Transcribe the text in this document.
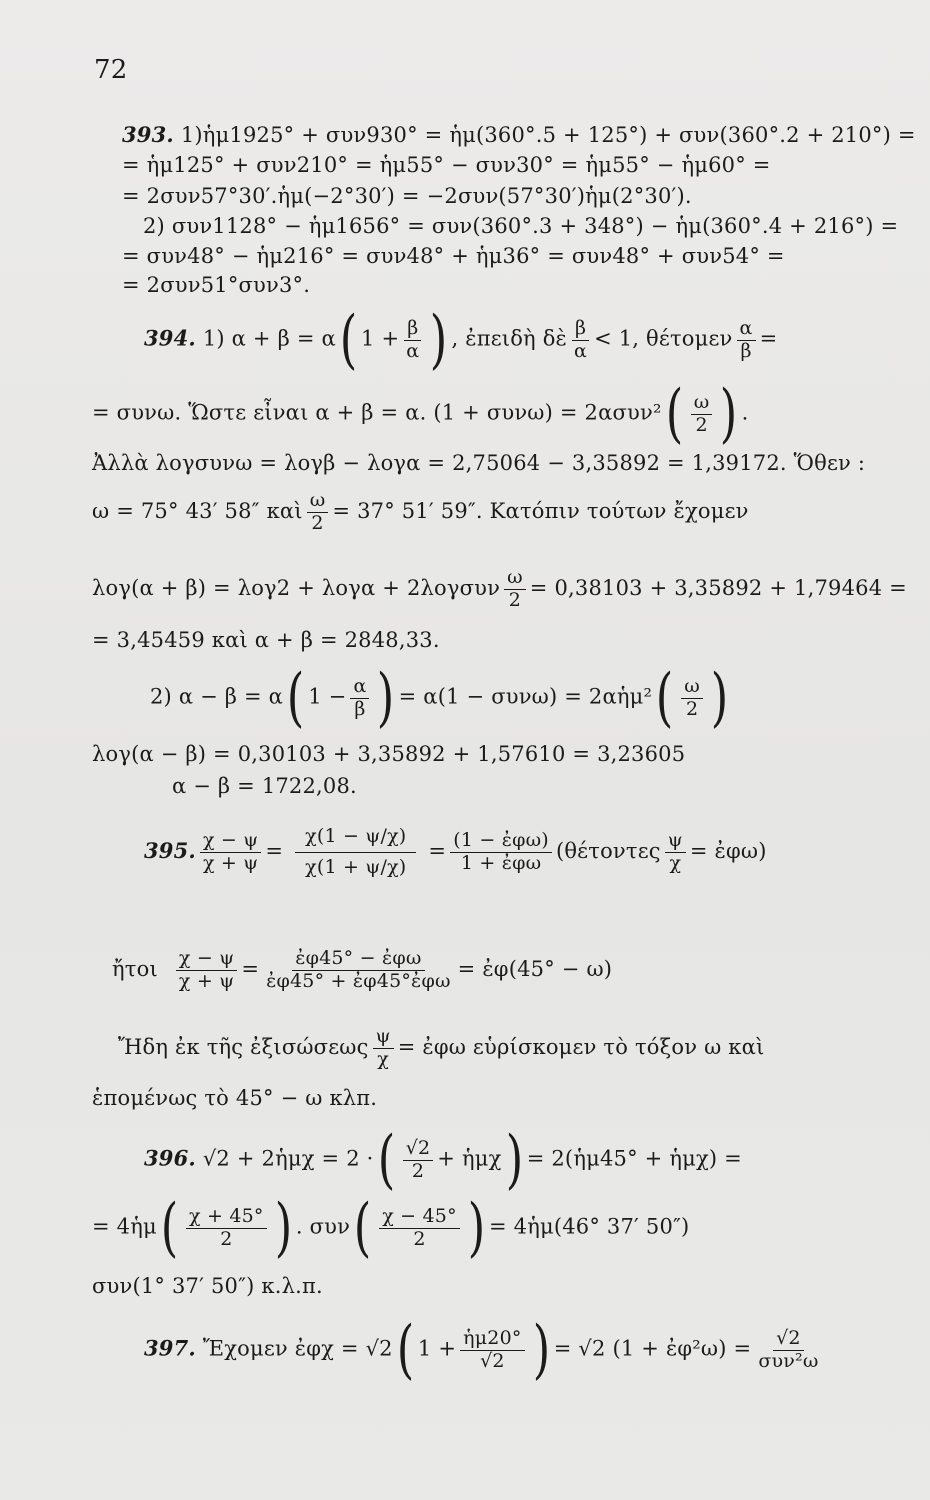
72
393. 1)ἡμ1925° + συν930° = ἡμ(360°.5 + 125°) + συν(360°.2 + 210°) =
= ἡμ125° + συν210° = ἡμ55° − συν30° = ἡμ55° − ἡμ60° =
= 2συν57°30′.ἡμ(−2°30′) = −2συν(57°30′)ἡμ(2°30′).
2) συν1128° − ἡμ1656° = συν(360°.3 + 348°) − ἡμ(360°.4 + 216°) =
= συν48° − ἡμ216° = συν48° + ἡμ36° = συν48° + συν54° =
= 2συν51°συν3°.
394. 1) α + β = α( $1 + \frac{\beta}{\alpha}$ ) , ἐπειδὴ δὲ $\frac{\beta}{\alpha} < 1$, θέτομεν $\frac{\alpha}{\beta}$ =
= συνω. Ὥστε εἶναι α + β = α. $(1 + \sigma\upsilon\nu\omega) = 2\alpha\sigma\upsilon\nu^2( \frac{\omega}{2}$ ) .
Ἀλλὰ λογσυνω = λογβ − λογα = 2,75064 − 3,35892 = 1,39172. Ὅθεν :
ω = 75° 43′ 58″ καὶ $\frac{\omega}{2} = 37^\circ$ 51′ 59″. Κατόπιν τούτων ἔχομεν
$\lambda o\gamma(\alpha + \beta) = \lambda o\gamma 2 + \lambda o\gamma\alpha + 2\lambda o\gamma\sigma\upsilon\nu \frac{\omega}{2} = 0,38103 + 3,35892 + 1,79464$ =
= 3,45459 καὶ α + β = 2848,33.
2) α − β = α( $1 - \frac{\alpha}{\beta}$ ) = α(1 − συνω) = 2αἡμ²( $\frac{\omega}{2}$ )
λογ(α − β) = 0,30103 + 3,35892 + 1,57610 = 3,23605
α − β = 1722,08.
395. $\frac{\chi - \psi}{\chi + \psi} = \frac{\chi(1 - \psi/\chi)}{\chi(1 + \psi/\chi)} = \frac{\text{(1 − ἐφω)}}{\text{1 + ἐφω}} (\theta έ\tau o\nu\tau\varepsilon\varsigma \frac{\psi}{\chi}$ = ἐφω)
ἤτοι $\frac{\chi - \psi}{\chi + \psi} = \frac{\text{ἐφ45° − ἐφω}}{\text{ἐφ45° + ἐφ45°ἐφω}}$ = ἐφ(45° − ω)
Ἤδη ἐκ τῆς ἐξισώσεως $\frac{\psi}{\chi}$ = ἐφω εὑρίσκομεν τὸ τόξον ω καὶ
ἑπομένως τὸ 45° − ω κλπ.
396. √2 + 2ἡμχ = 2 ·( $\frac{√2}{2}$ + ἡμχ) = 2(ἡμ45° + ἡμχ) =
= 4ἡμ( $\frac{\chi + 45^\circ}{2}$ ) . $\sigma\upsilon\nu( \frac{\chi - 45^\circ}{2}$ ) = 4ἡμ(46° 37′ 50″)
συν(1° 37′ 50″) κ.λ.π.
397. Ἔχομεν ἐφχ = √2( $1 + \frac{\text{ἡμ20°}}{√2}$ ) = √2 (1 + ἐφ²ω) = $\frac{√2}{\text{συν²ω}}$
